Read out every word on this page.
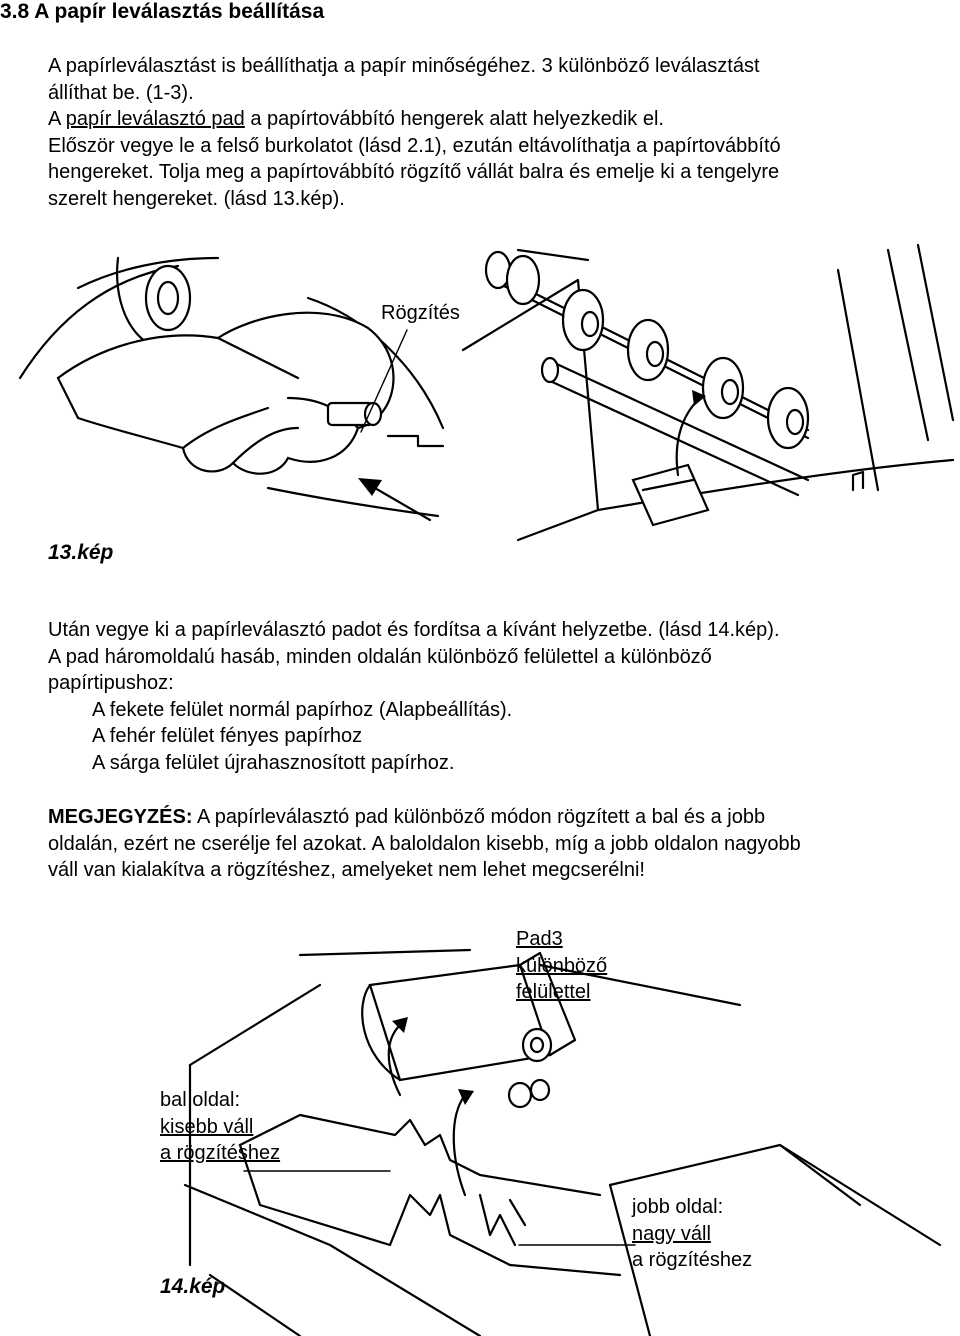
3.8 A papír leválasztás beállítása
A papírleválasztást is beállíthatja a papír minőségéhez. 3 különböző leválasztást
állíthat be. (1-3).
A papír leválasztó pad a papírtovábbító hengerek alatt helyezkedik el.
Először vegye le a felső burkolatot (lásd 2.1), ezután eltávolíthatja a papírtovábbító
hengereket. Tolja meg a papírtovábbító rögzítő vállát balra és emelje ki a tengelyre
szerelt hengereket. (lásd 13.kép).
Rögzítés
13.kép
Után vegye ki a papírleválasztó padot és fordítsa a kívánt helyzetbe. (lásd 14.kép).
A pad háromoldalú hasáb, minden oldalán különböző felülettel a különböző
papírtipushoz:
A fekete felület normál papírhoz (Alapbeállítás).
A fehér felület fényes papírhoz
A sárga felület újrahasznosított papírhoz.
MEGJEGYZÉS: A papírleválasztó pad különböző módon rögzített a bal és a jobb
oldalán, ezért ne cserélje fel azokat. A baloldalon kisebb, míg a jobb oldalon nagyobb
váll van kialakítva a rögzítéshez, amelyeket nem lehet megcserélni!
Pad3
különböző
felülettel
bal oldal:
kisebb váll
a rögzítéshez
jobb oldal:
nagy váll
a rögzítéshez
14.kép
